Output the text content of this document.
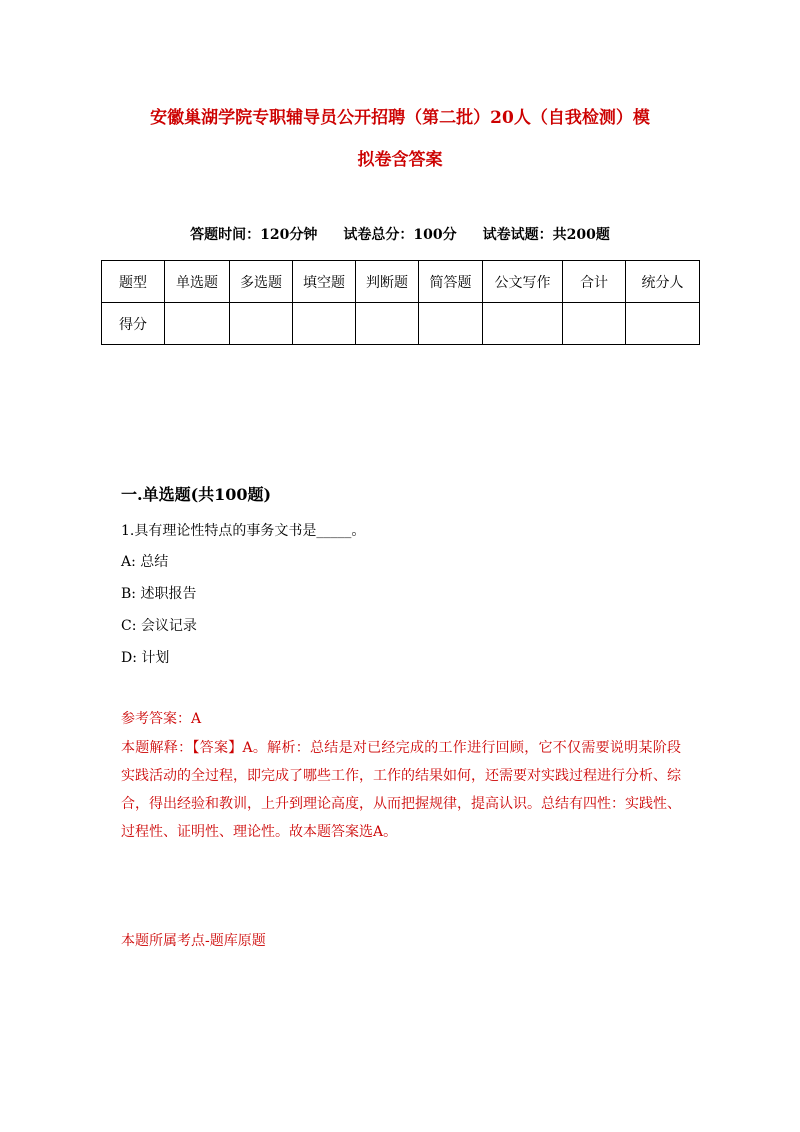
安徽巢湖学院专职辅导员公开招聘（第二批）20人（自我检测）模
拟卷含答案
答题时间：120分钟 试卷总分：100分 试卷试题：共200题
题型	单选题	多选题	填空题	判断题	简答题	公文写作	合计	统分人
得分								
一.单选题(共100题)
1.具有理论性特点的事务文书是_____。
A: 总结
B: 述职报告
C: 会议记录
D: 计划
参考答案：A
本题解释：【答案】A。解析：总结是对已经完成的工作进行回顾，它不仅需要说明某阶段实践活动的全过程，即完成了哪些工作，工作的结果如何，还需要对实践过程进行分析、综合，得出经验和教训，上升到理论高度，从而把握规律，提高认识。总结有四性：实践性、过程性、证明性、理论性。故本题答案选A。
本题所属考点-题库原题
